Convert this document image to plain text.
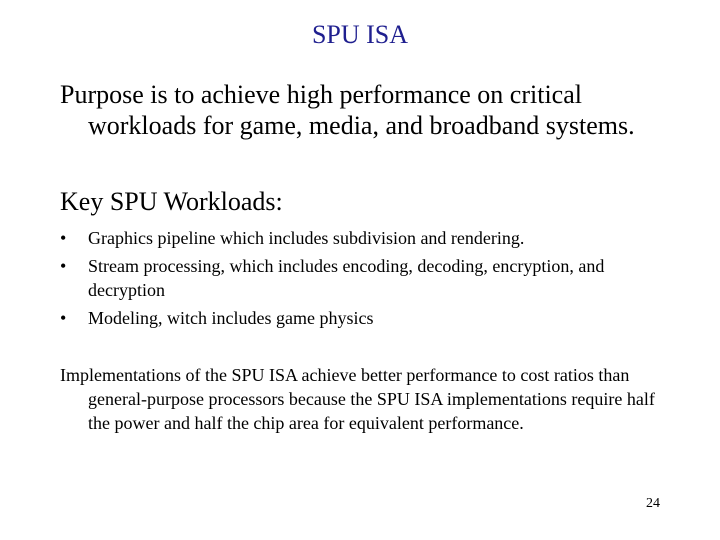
SPU ISA

Purpose is to achieve high performance on critical workloads for game, media, and broadband systems.

Key SPU Workloads:

• Graphics pipeline which includes subdivision and rendering.
• Stream processing, which includes encoding, decoding, encryption, and decryption
• Modeling, witch includes game physics

Implementations of the SPU ISA achieve better performance to cost ratios than general-purpose processors because the SPU ISA implementations require half the power and half the chip area for equivalent performance.

24
